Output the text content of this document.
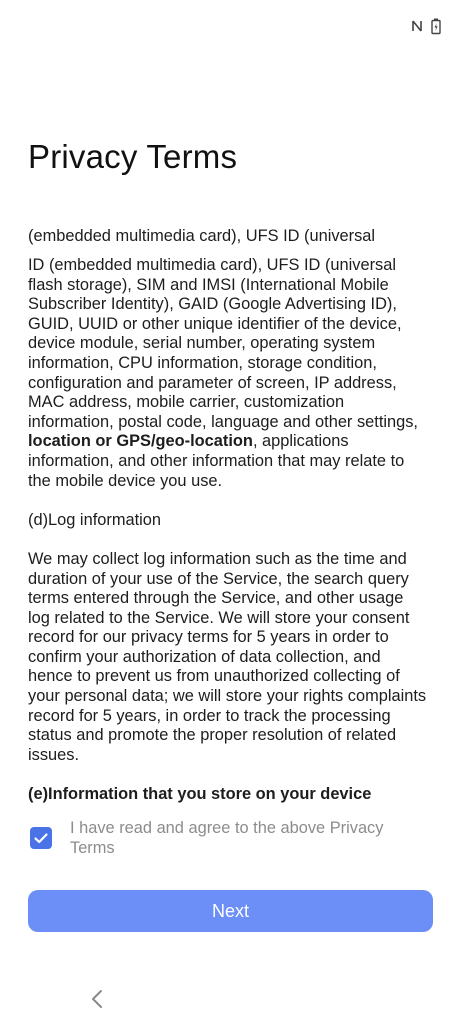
Privacy Terms
(embedded multimedia card), UFS ID (universal

ID (embedded multimedia card), UFS ID (universal flash storage), SIM and IMSI (International Mobile Subscriber Identity), GAID (Google Advertising ID), GUID, UUID or other unique identifier of the device, device module, serial number, operating system information, CPU information, storage condition, configuration and parameter of screen, IP address, MAC address, mobile carrier, customization information, postal code, language and other settings, location or GPS/geo-location, applications information, and other information that may relate to the mobile device you use.

(d)Log information

We may collect log information such as the time and duration of your use of the Service, the search query terms entered through the Service, and other usage log related to the Service. We will store your consent record for our privacy terms for 5 years in order to confirm your authorization of data collection, and hence to prevent us from unauthorized collecting of your personal data; we will store your rights complaints record for 5 years, in order to track the processing status and promote the proper resolution of related issues.

(e)Information that you store on your device

I have read and agree to the above Privacy Terms
Next
